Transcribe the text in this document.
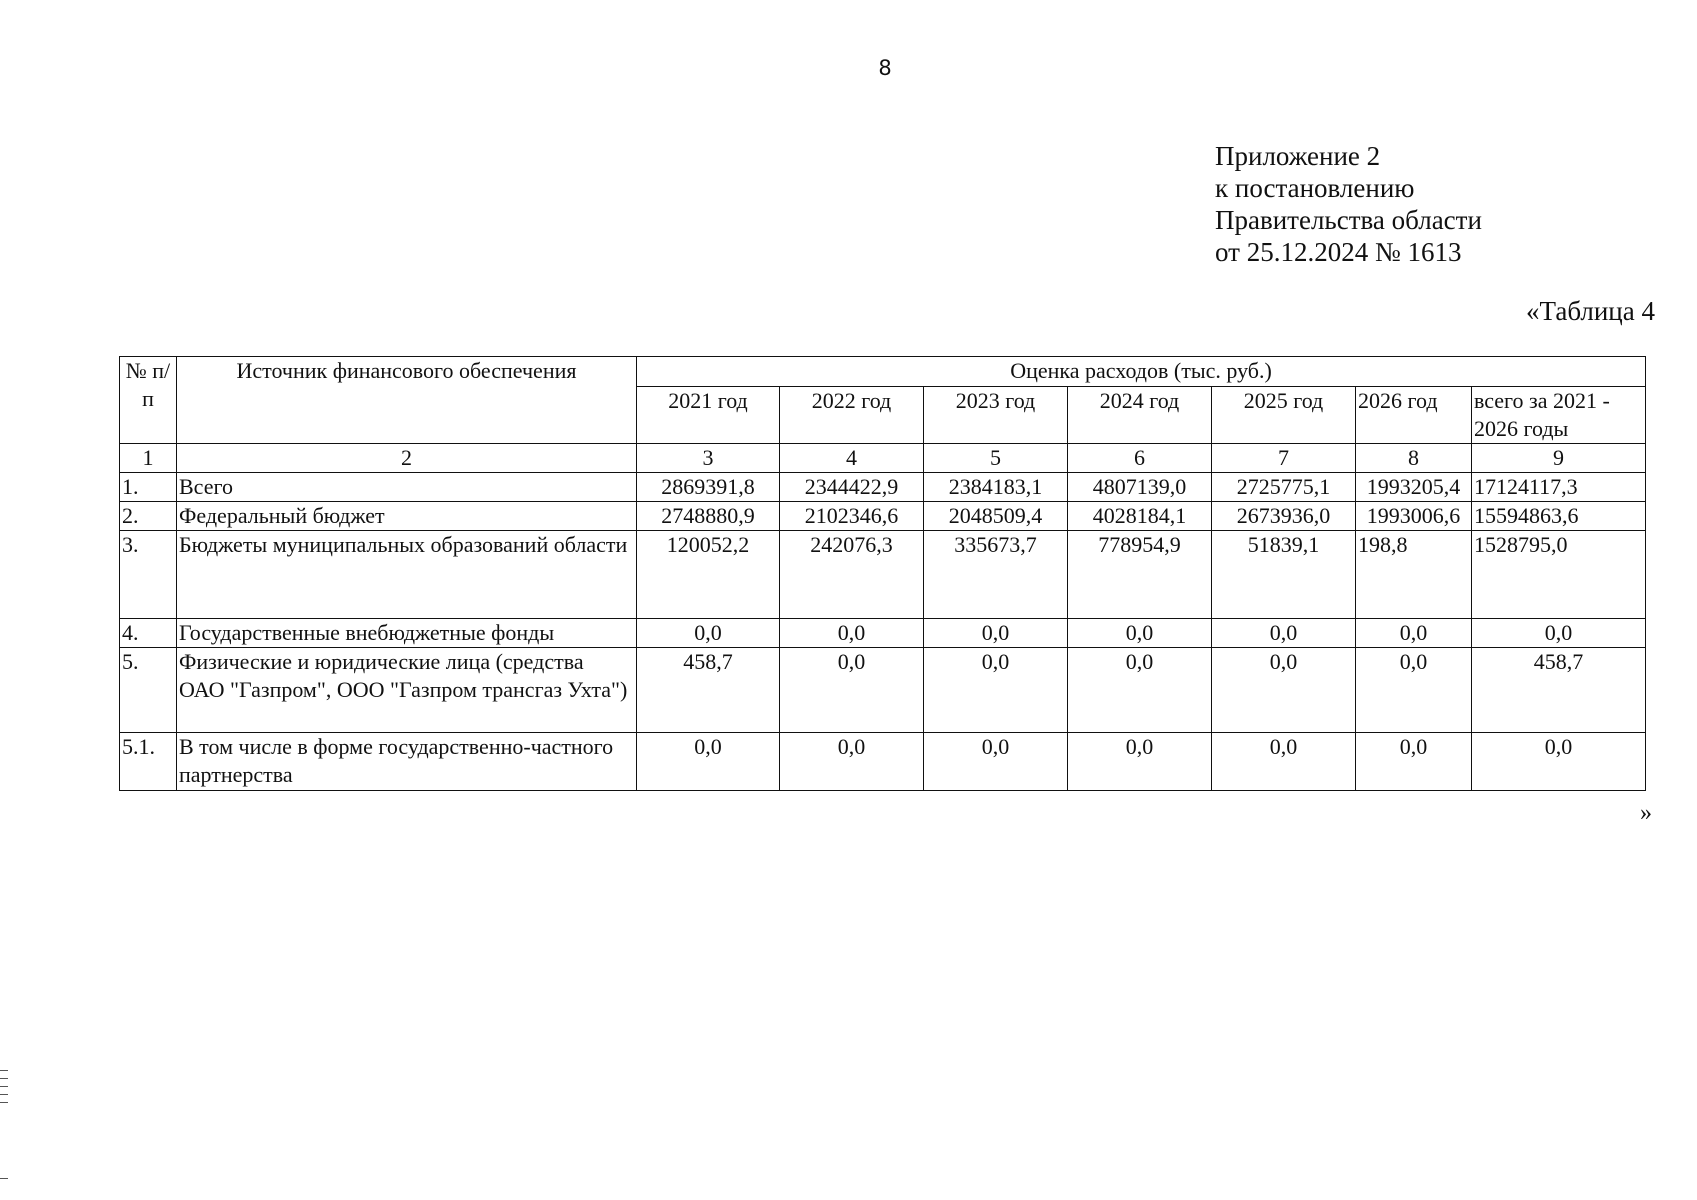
8
Приложение 2
к постановлению
Правительства области
от 25.12.2024 № 1613
«Таблица 4
№ п/п	Источник финансового обеспечения	Оценка расходов (тыс. руб.)						
		2021 год	2022 год	2023 год	2024 год	2025 год	2026 год	всего за 2021 - 2026 годы
1	2	3	4	5	6	7	8	9
1.	Всего	2869391,8	2344422,9	2384183,1	4807139,0	2725775,1	1993205,4	17124117,3
2.	Федеральный бюджет	2748880,9	2102346,6	2048509,4	4028184,1	2673936,0	1993006,6	15594863,6
3.	Бюджеты муниципальных образований области	120052,2	242076,3	335673,7	778954,9	51839,1	198,8	1528795,0
4.	Государственные внебюджетные фонды	0,0	0,0	0,0	0,0	0,0	0,0	0,0
5.	Физические и юридические лица (средства ОАО "Газпром", ООО "Газпром трансгаз Ухта")	458,7	0,0	0,0	0,0	0,0	0,0	458,7
5.1.	В том числе в форме государственно-частного партнерства	0,0	0,0	0,0	0,0	0,0	0,0	0,0
»
